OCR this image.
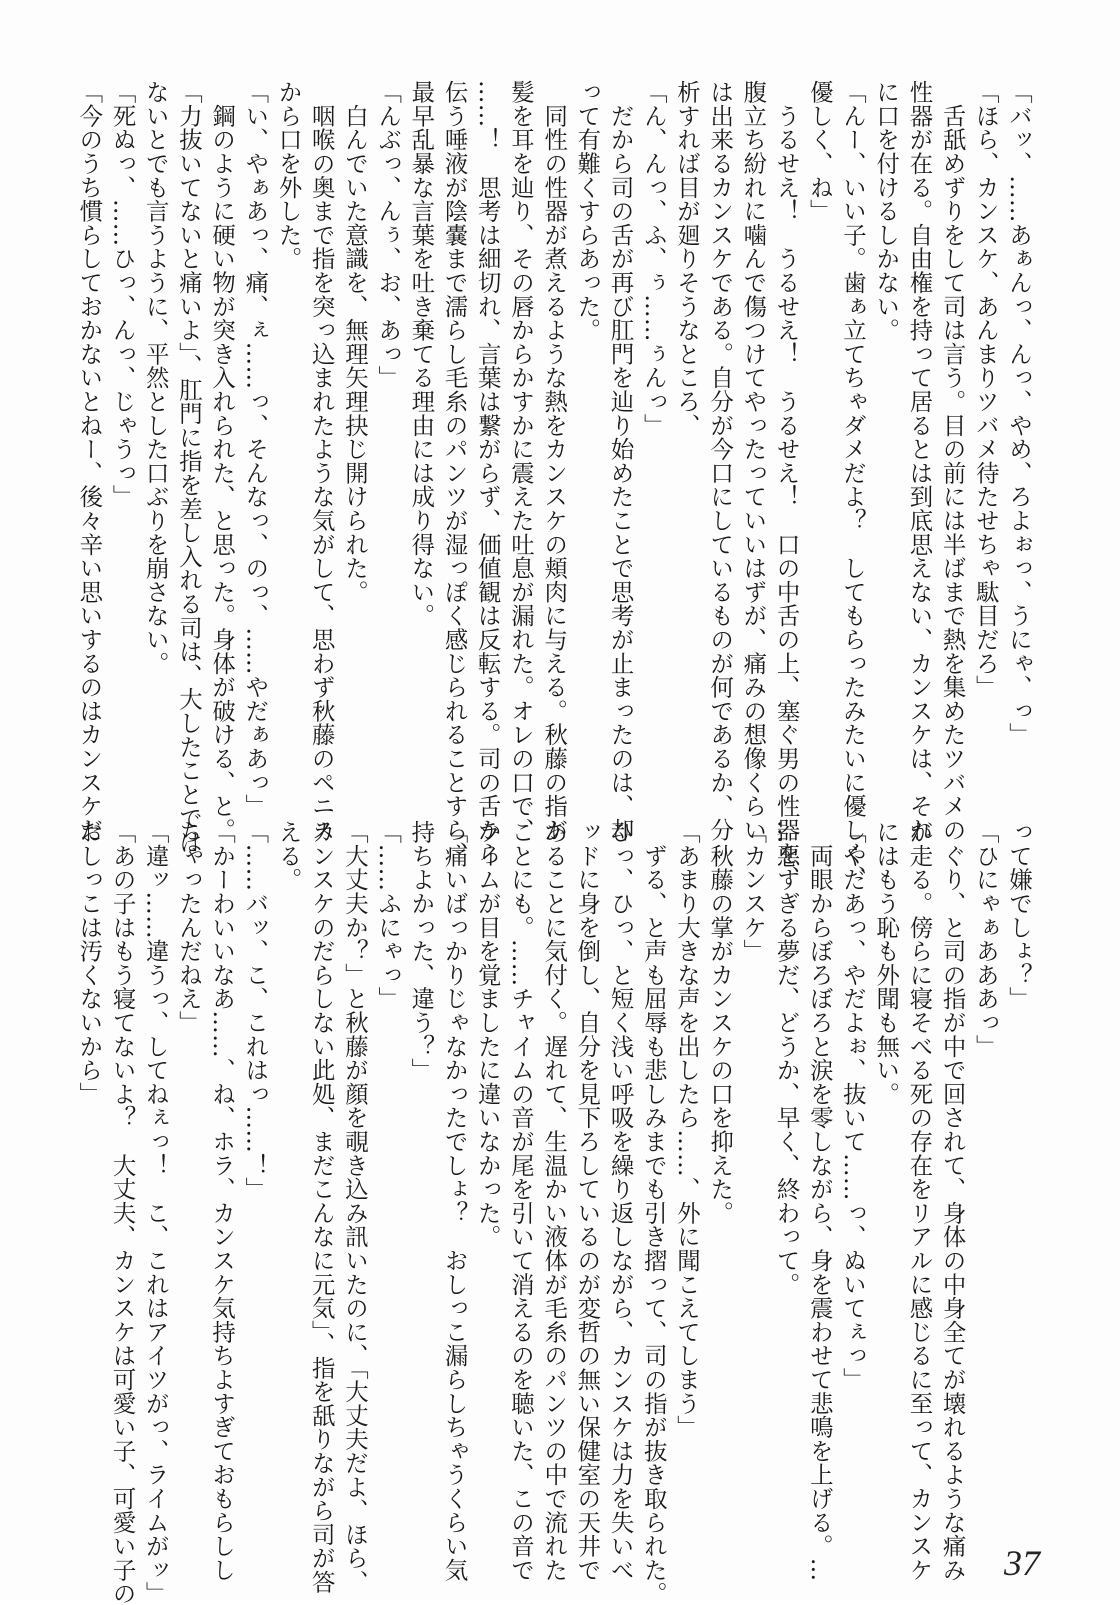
「バッ、……あぁんっ、んっ、やめ、ろよぉっ、うにゃ、っ」

「ほら、カンスケ、あんまりツバメ待たせちゃ駄目だろ」

　舌舐めずりをして司は言う。目の前には半ばまで熱を集めたツバメの

性器が在る。自由権を持って居るとは到底思えない、カンスケは、それ

に口を付けるしかない。

「んー、いい子。歯ぁ立てちゃダメだよ？　してもらったみたいに優しく、

優しく、ね」

　うるせえ！　うるせえ！　うるせえ！　口の中舌の上、塞ぐ男の性器を、

腹立ち紛れに噛んで傷つけてやったっていいはずが、痛みの想像くらい

は出来るカンスケである。自分が今口にしているものが何であるか、分

析すれば目が廻りそうなところ、

「ん、んっ、ふ、ぅ……ぅんっ」

　だから司の舌が再び肛門を辿り始めたことで思考が止まったのは、却

って有難くすらあった。

　同性の性器が煮えるような熱をカンスケの頬肉に与える。秋藤の指が

髪を耳を辿り、その唇からかすかに震えた吐息が漏れた。オレの口で、

……！　思考は細切れ、言葉は繋がらず、価値観は反転する。司の舌から

伝う唾液が陰嚢まで濡らし毛糸のパンツが湿っぽく感じられることすら、

最早乱暴な言葉を吐き棄てる理由には成り得ない。

「んぶっ、んぅ、お、あっ」

　白んでいた意識を、無理矢理抉じ開けられた。

　咽喉の奥まで指を突っ込まれたような気がして、思わず秋藤のペニス

から口を外した。

「い、やぁあっ、痛、ぇ……っ、そんなっ、のっ、……やだぁあっ」

　鋼のように硬い物が突き入れられた、と思った。身体が破ける、と。

「力抜いてないと痛いよ」、肛門に指を差し入れる司は、大したことでは

ないとでも言うように、平然とした口ぶりを崩さない。

「死ぬっ、……ひっ、んっ、じゃうっ」

「今のうち慣らしておかないとねー、後々辛い思いするのはカンスケだ

って嫌でしょ？」

「ひにゃぁあああっ」

　ぐり、と司の指が中で回されて、身体の中身全てが壊れるような痛み

が走る。傍らに寝そべる死の存在をリアルに感じるに至って、カンスケ

にはもう恥も外聞も無い。

「やだあっ、やだよぉ、抜いて……っ、ぬいてぇっ」

　両眼からぼろぼろと涙を零しながら、身を震わせて悲鳴を上げる。…

…悪すぎる夢だ、どうか、早く、終わって。

「カンスケ」

　秋藤の掌がカンスケの口を抑えた。

「あまり大きな声を出したら……、外に聞こえてしまう」

　ずる、と声も屈辱も悲しみまでも引き摺って、司の指が抜き取られた。

ひっ、ひっ、と短く浅い呼吸を繰り返しながら、カンスケは力を失いべ

ッドに身を倒し、自分を見下ろしているのが変哲の無い保健室の天井で

あることに気付く。遅れて、生温かい液体が毛糸のパンツの中で流れた

ことにも。……チャイムの音が尾を引いて消えるのを聴いた、この音で

ライムが目を覚ましたに違いなかった。

「痛いばっかりじゃなかったでしょ？　おしっこ漏らしちゃうくらい気

持ちよかった、違う？」

「……ふにゃっ」

「大丈夫か？」と秋藤が顔を覗き込み訊いたのに、「大丈夫だよ、ほら、

カンスケのだらしない此処、まだこんなに元気」、指を舐りながら司が答

える。

「……バッ、こ、これはっ……！」

「かーわいいなあ……、ね、ホラ、カンスケ気持ちよすぎておもらしし

ちゃったんだねえ」

「違ッ……違うっ、してねぇっ！　こ、これはアイツがっ、ライムがッ」

「あの子はもう寝てないよ？　大丈夫、カンスケは可愛い子、可愛い子の

おしっこは汚くないから」

37
